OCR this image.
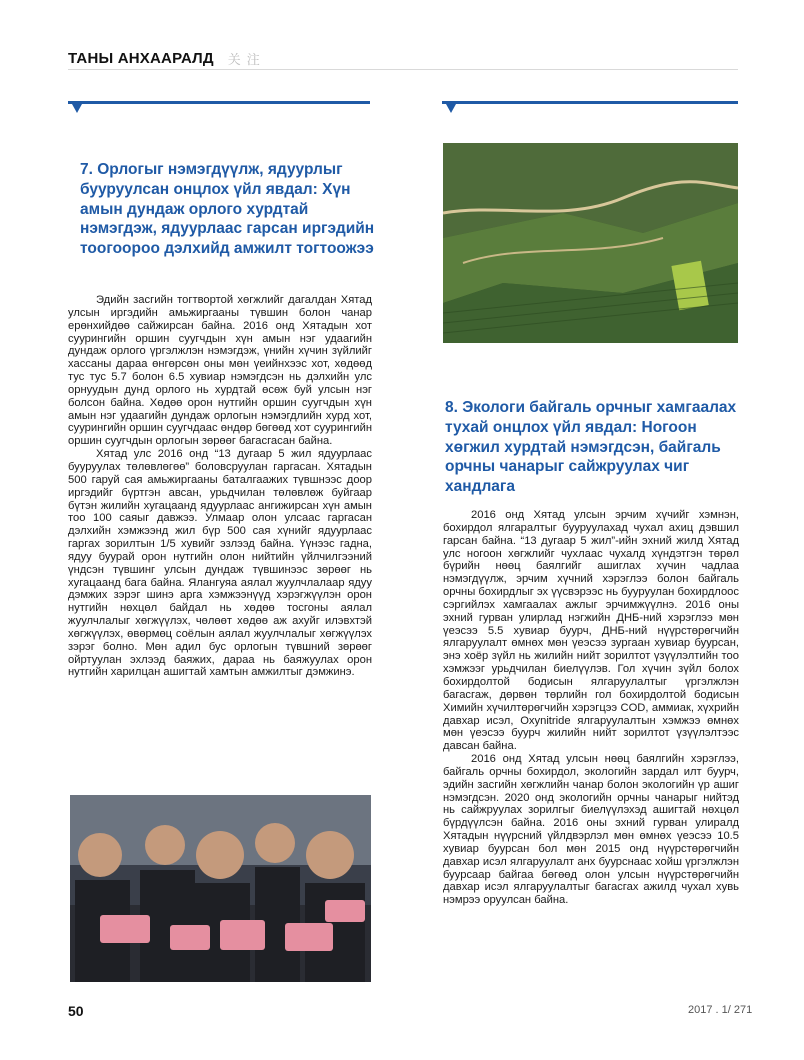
ТАНЫ АНХААРАЛД 关注
7. Орлогыг нэмэгдүүлж, ядуурлыг бууруулсан онцлох үйл явдал: Хүн амын дундаж орлого хурдтай нэмэгдэж, ядуурлаас гарсан иргэдийн тоогоороо дэлхийд амжилт тогтоожээ

Эдийн засгийн тогтвортой хөгжлийг дагалдан Хятад улсын иргэдийн амьжиргааны түвшин болон чанар ерөнхийдөө сайжирсан байна. 2016 онд Хятадын хот суурингийн оршин суугчдын хүн амын нэг удаагийн дундаж орлого үргэлжлэн нэмэгдэж, үнийн хүчин зүйлийг хассаны дараа өнгөрсөн оны мөн үеийнхээс хот, хөдөөд тус тус 5.7 болон 6.5 хувиар нэмэгдсэн нь дэлхийн улс орнуудын дунд орлого нь хурдтай өсөж буй улсын нэг болсон байна. Хөдөө орон нутгийн оршин суугчдын хүн амын нэг удаагийн дундаж орлогын нэмэгдлийн хурд хот, суурингийн оршин суугчдаас өндөр бөгөөд хот суурингийн оршин суугчдын орлогын зөрөөг багасгасан байна.

Хятад улс 2016 онд “13 дугаар 5 жил ядуурлаас бууруулах төлөвлөгөө” боловсруулан гаргасан. Хятадын 500 гаруй сая амьжиргааны баталгаажих түвшнээс доор иргэдийг бүртгэн авсан, урьдчилан төлөвлөж буйгаар бүтэн жилийн хугацаанд ядуурлаас ангижирсан хүн амын тоо 100 саяыг давжээ. Улмаар олон улсаас гаргасан дэлхийн хэмжээнд жил бүр 500 сая хүнийг ядуурлаас гаргах зорилтын 1/5 хувийг эзлээд байна. Үүнээс гадна, ядуу буурай орон нутгийн олон нийтийн үйлчилгээний үндсэн түвшинг улсын дундаж түвшинээс зөрөөг нь хугацаанд бага байна. Ялангуяа аялал жуулчлалаар ядуу дэмжих зэрэг шинэ арга хэмжээнүүд хэрэгжүүлэн орон нутгийн нөхцөл байдал нь хөдөө тосгоны аялал жуулчлалыг хөгжүүлэх, чөлөөт хөдөө аж ахуйг илэвхтэй хөгжүүлэх, өвөрмөц соёлын аялал жуулчлалыг хөгжүүлэх зэрэг болно. Мөн адил бус орлогын түвшний зөрөөг ойртуулан эхлээд баяжих, дараа нь баяжуулах орон нутгийн харилцан ашигтай хамтын амжилтыг дэмжинэ.

8. Экологи байгаль орчныг хамгаалах тухай онцлох үйл явдал: Ногоон хөгжил хурдтай нэмэгдсэн, байгаль орчны чанарыг сайжруулах чиг хандлага

2016 онд Хятад улсын эрчим хүчийг хэмнэн, бохирдол ялгаралтыг бууруулахад чухал ахиц дэвшил гарсан байна. “13 дугаар 5 жил”-ийн эхний жилд Хятад улс ногоон хөгжлийг чухлаас чухалд хүндэтгэн төрөл бүрийн нөөц баялгийг ашиглах хүчин чадлаа нэмэгдүүлж, эрчим хүчний хэрэглээ болон байгаль орчны бохирдлыг эх үүсвэрээс нь бууруулан бохирдлоос сэргийлэх хамгаалах ажлыг эрчимжүүлнэ. 2016 оны эхний гурван улирлад нэгжийн ДНБ-ний хэрэглээ мөн үеэсээ 5.5 хувиар буурч, ДНБ-ний нүүрстөрөгчийн ялгаруулалт өмнөх мөн үеэсээ зургаан хувиар буурсан, энэ хоёр зүйл нь жилийн нийт зорилтот үзүүлэлтийн тоо хэмжээг урьдчилан биелүүлэв. Гол хүчин зүйл болох бохирдолтой бодисын ялгаруулалтыг үргэлжлэн багасгаж, дөрвөн төрлийн гол бохирдолтой бодисын Химийн хүчилтөрөгчийн хэрэгцээ COD, аммиак, хүхрийн давхар исэл, Oxynitride ялгаруулалтын хэмжээ өмнөх мөн үеэсээ буурч жилийн нийт зорилтот үзүүлэлтээс давсан байна.

2016 онд Хятад улсын нөөц баялгийн хэрэглээ, байгаль орчны бохирдол, экологийн зардал илт буурч, эдийн засгийн хөгжлийн чанар болон экологийн үр ашиг нэмэгдсэн. 2020 онд экологийн орчны чанарыг нийтэд нь сайжруулах зорилгыг биелүүлэхэд ашигтай нөхцөл бүрдүүлсэн байна. 2016 оны эхний гурван улиралд Хятадын нүүрсний үйлдвэрлэл мөн өмнөх үеэсээ 10.5 хувиар буурсан бол мөн 2015 онд нүүрстөрөгчийн давхар исэл ялгаруулалт анх буурснаас хойш үргэлжлэн буурсаар байгаа бөгөөд олон улсын нүүрстөрөгчийн давхар исэл ялгаруулалтыг багасгах ажилд чухал хувь нэмрээ оруулсан байна.

50	2017 . 1/ 271
